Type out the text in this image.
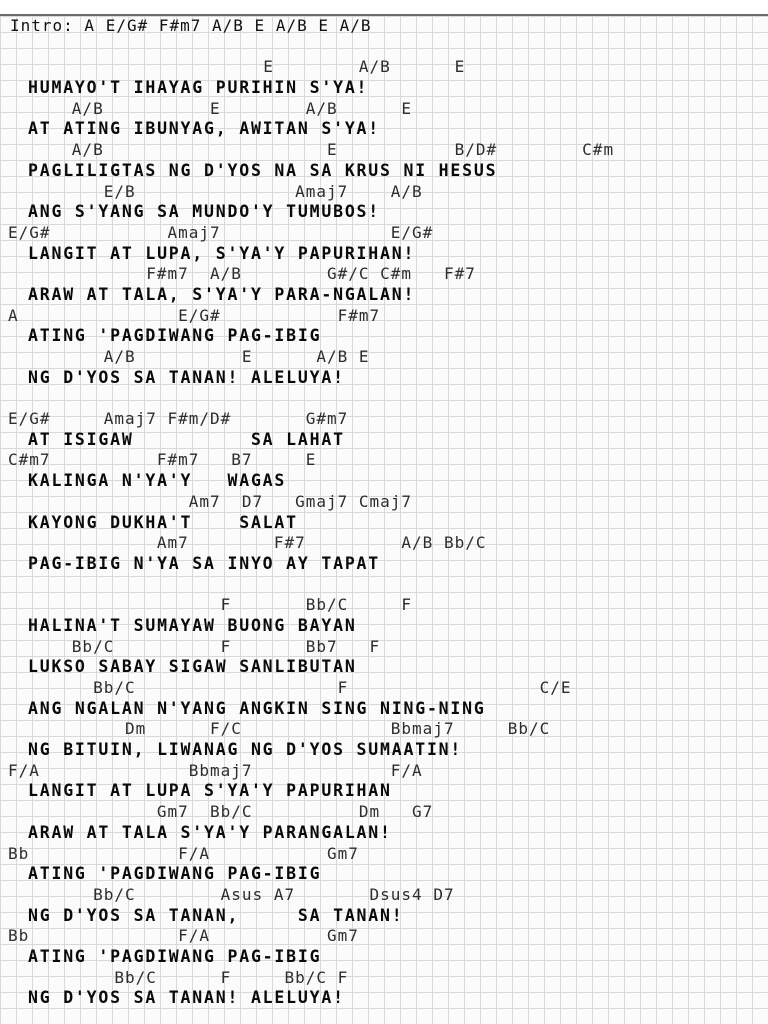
Intro: A E/G# F#m7 A/B E A/B E A/B
E        A/B      E
HUMAYO'T IHAYAG PURIHIN S'YA!
A/B          E        A/B      E
AT ATING IBUNYAG, AWITAN S'YA!
A/B                     E           B/D#        C#m
PAGLILIGTAS NG D'YOS NA SA KRUS NI HESUS
E/B               Amaj7    A/B
ANG S'YANG SA MUNDO'Y TUMUBOS!
E/G#           Amaj7                E/G#
LANGIT AT LUPA, S'YA'Y PAPURIHAN!
F#m7  A/B        G#/C C#m   F#7
ARAW AT TALA, S'YA'Y PARA-NGALAN!
A               E/G#           F#m7
ATING 'PAGDIWANG PAG-IBIG
A/B          E      A/B E
NG D'YOS SA TANAN! ALELUYA!
E/G#     Amaj7 F#m/D#       G#m7
AT ISIGAW          SA LAHAT
C#m7          F#m7   B7     E
KALINGA N'YA'Y   WAGAS
Am7  D7   Gmaj7 Cmaj7
KAYONG DUKHA'T    SALAT
Am7        F#7         A/B Bb/C
PAG-IBIG N'YA SA INYO AY TAPAT
F       Bb/C     F
HALINA'T SUMAYAW BUONG BAYAN
Bb/C          F       Bb7   F
LUKSO SABAY SIGAW SANLIBUTAN
Bb/C                   F                  C/E
ANG NGALAN N'YANG ANGKIN SING NING-NING
Dm      F/C              Bbmaj7     Bb/C
NG BITUIN, LIWANAG NG D'YOS SUMAATIN!
F/A              Bbmaj7             F/A
LANGIT AT LUPA S'YA'Y PAPURIHAN
Gm7  Bb/C          Dm   G7
ARAW AT TALA S'YA'Y PARANGALAN!
Bb              F/A           Gm7
ATING 'PAGDIWANG PAG-IBIG
Bb/C        Asus A7       Dsus4 D7
NG D'YOS SA TANAN,     SA TANAN!
Bb              F/A           Gm7
ATING 'PAGDIWANG PAG-IBIG
Bb/C      F     Bb/C F
NG D'YOS SA TANAN! ALELUYA!
